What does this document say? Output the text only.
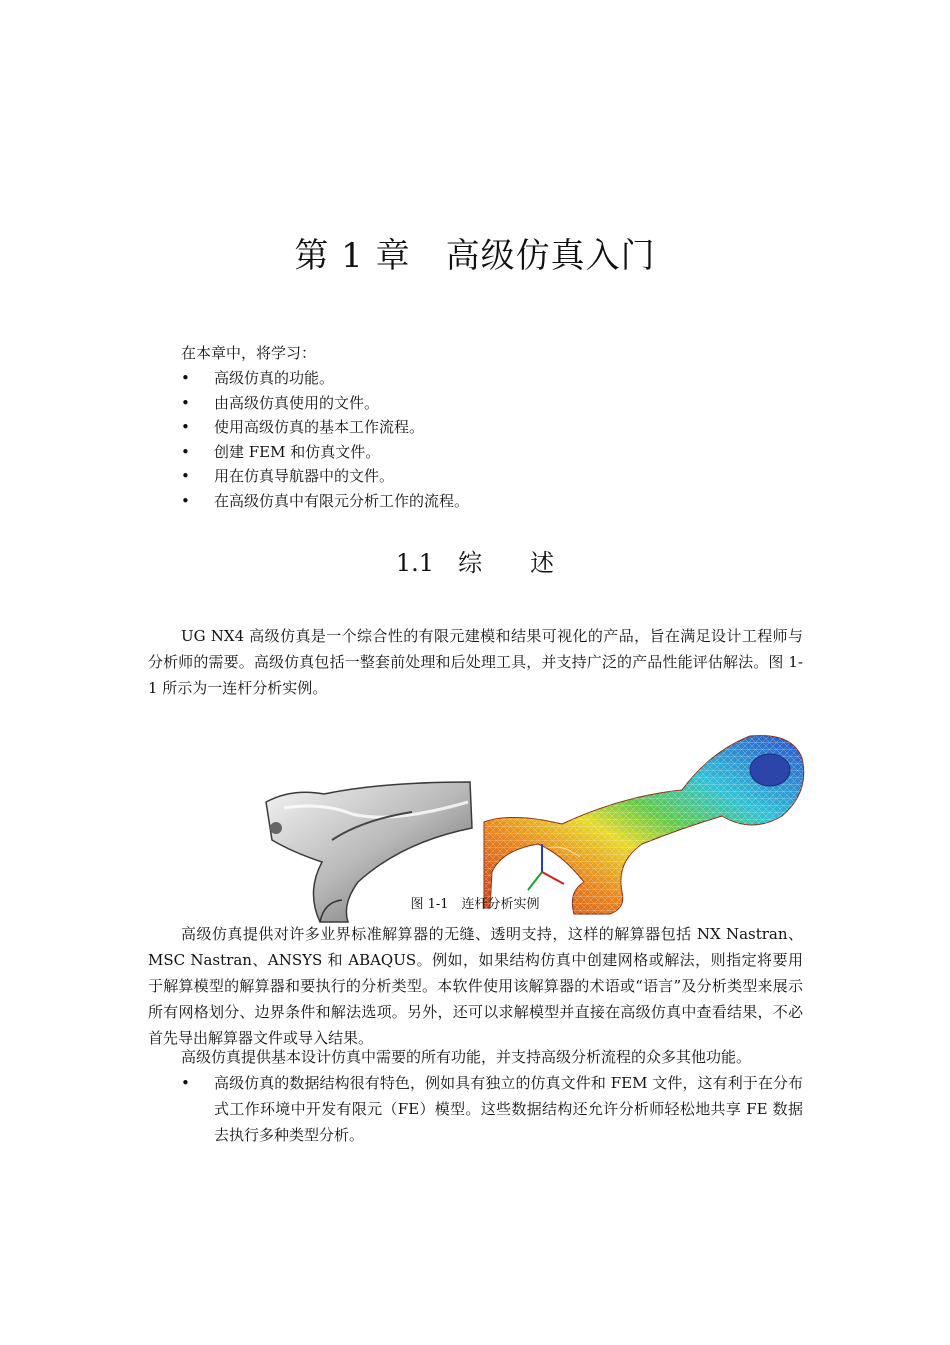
第 1 章　高级仿真入门
在本章中，将学习：
• 高级仿真的功能。
• 由高级仿真使用的文件。
• 使用高级仿真的基本工作流程。
• 创建 FEM 和仿真文件。
• 用在仿真导航器中的文件。
• 在高级仿真中有限元分析工作的流程。
1.1　综　　述

UG NX4 高级仿真是一个综合性的有限元建模和结果可视化的产品，旨在满足设计工程师与分析师的需要。高级仿真包括一整套前处理和后处理工具，并支持广泛的产品性能评估解法。图 1-1 所示为一连杆分析实例。

图 1-1　连杆分析实例

高级仿真提供对许多业界标准解算器的无缝、透明支持，这样的解算器包括 NX Nastran、MSC Nastran、ANSYS 和 ABAQUS。例如，如果结构仿真中创建网格或解法，则指定将要用于解算模型的解算器和要执行的分析类型。本软件使用该解算器的术语或“语言”及分析类型来展示所有网格划分、边界条件和解法选项。另外，还可以求解模型并直接在高级仿真中查看结果，不必首先导出解算器文件或导入结果。

高级仿真提供基本设计仿真中需要的所有功能，并支持高级分析流程的众多其他功能。

• 高级仿真的数据结构很有特色，例如具有独立的仿真文件和 FEM 文件，这有利于在分布式工作环境中开发有限元（FE）模型。这些数据结构还允许分析师轻松地共享 FE 数据去执行多种类型分析。
